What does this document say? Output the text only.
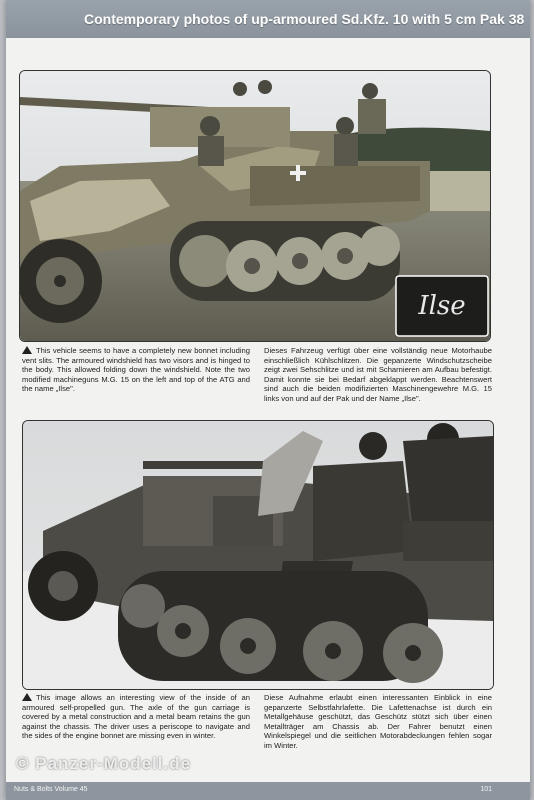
Contemporary photos of up-armoured Sd.Kfz. 10 with 5 cm Pak 38
Ilse
This vehicle seems to have a completely new bonnet including vent slits. The armoured windshield has two visors and is hinged to the body. This allowed folding down the windshield. Note the two modified machineguns M.G. 15 on the left and top of the ATG and the name „Ilse".
Dieses Fahrzeug verfügt über eine vollständig neue Motorhaube einschließlich Kühlschlitzen. Die gepanzerte Windschutzscheibe zeigt zwei Sehschlitze und ist mit Scharnieren am Aufbau befestigt. Damit konnte sie bei Bedarf abgeklappt werden. Beachtenswert sind auch die beiden modifizierten Maschinengewehre M.G. 15 links von und auf der Pak und der Name „Ilse".
This image allows an interesting view of the inside of an armoured self-propelled gun. The axle of the gun carriage is covered by a metal construction and a metal beam retains the gun against the chassis. The driver uses a periscope to navigate and the sides of the engine bonnet are missing even in winter.
Diese Aufnahme erlaubt einen interessanten Einblick in eine gepanzerte Selbstfahrlafette. Die Lafettenachse ist durch ein Metallgehäuse geschützt, das Geschütz stützt sich über einen Metallträger am Chassis ab. Der Fahrer benutzt einen Winkelspiegel und die seitlichen Motorabdeckungen fehlen sogar im Winter.
© Panzer-Modell.de
Nuts & Bolts Volume 45	101
